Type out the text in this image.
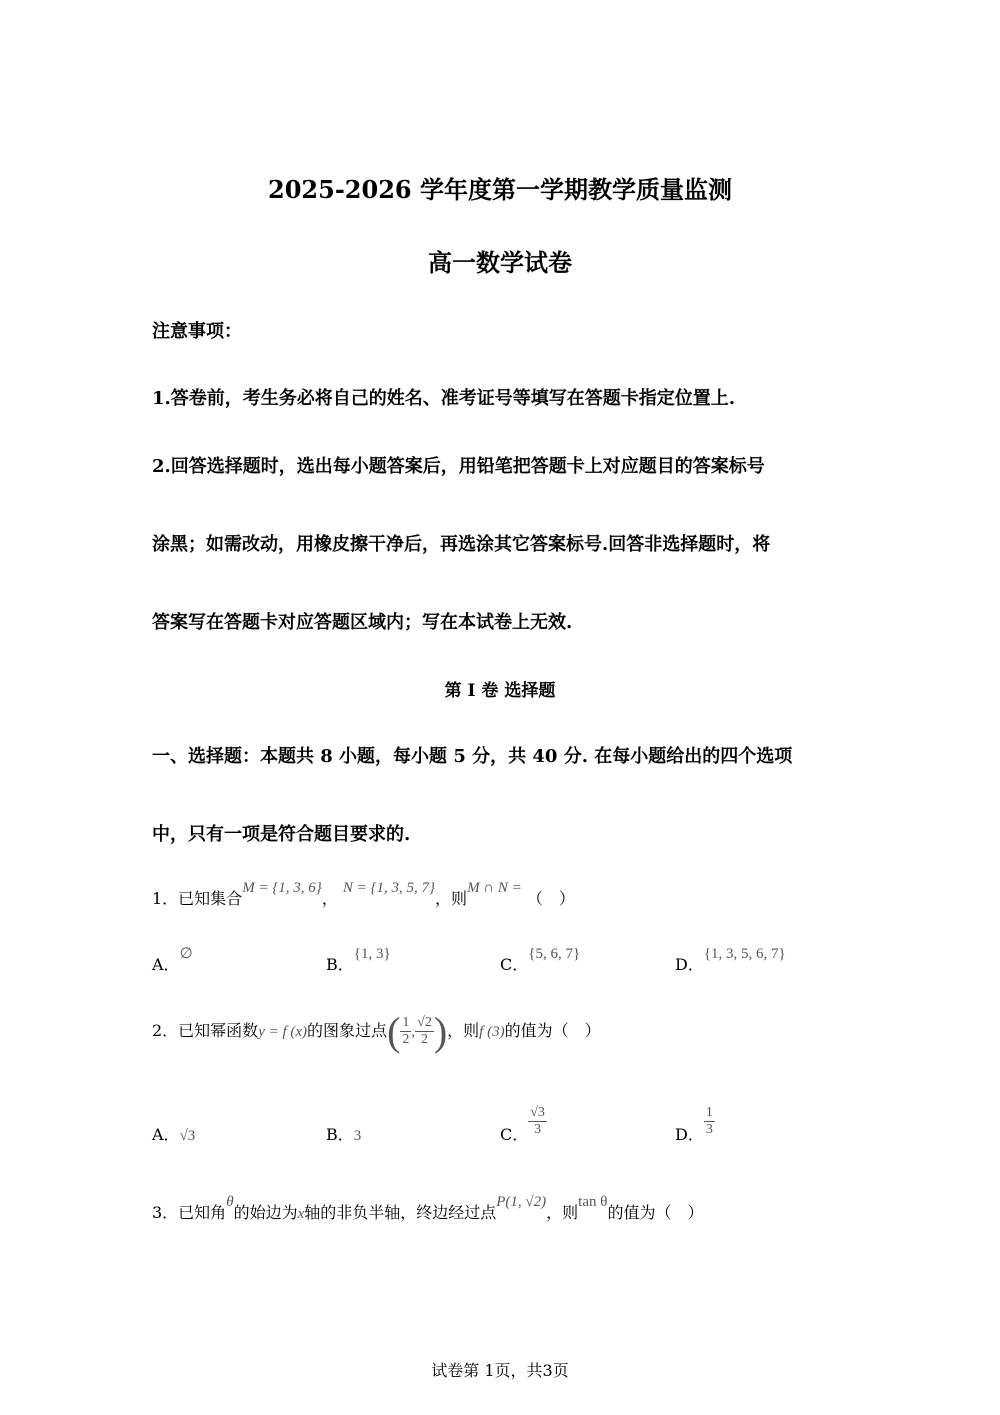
2025-2026 学年度第一学期教学质量监测
高一数学试卷
注意事项：
1.答卷前，考生务必将自己的姓名、准考证号等填写在答题卡指定位置上.
2.回答选择题时，选出每小题答案后，用铅笔把答题卡上对应题目的答案标号
涂黑；如需改动，用橡皮擦干净后，再选涂其它答案标号.回答非选择题时，将
答案写在答题卡对应答题区域内；写在本试卷上无效.
第 I 卷 选择题
一、选择题：本题共 8 小题，每小题 5 分，共 40 分. 在每小题给出的四个选项
中，只有一项是符合题目要求的.
1．已知集合M = {1, 3, 6}， N = {1, 3, 5, 7}，则M ∩ N = （　）
A．∅
B．{1, 3}
C．{5, 6, 7}
D．{1, 3, 5, 6, 7}
2．已知幂函数y = f (x)的图象过点( $\frac{1}{2}$ , $\frac{√2}{2}$ )，则f (3)的值为（　）
A．√3	B．3	C． $\frac{√3}{3}$	D． $\frac{1}{3}$
3．已知角θ的始边为x轴的非负半轴，终边经过点P(1, √2)，则tan θ的值为（　）
试卷第 1页，共3页
